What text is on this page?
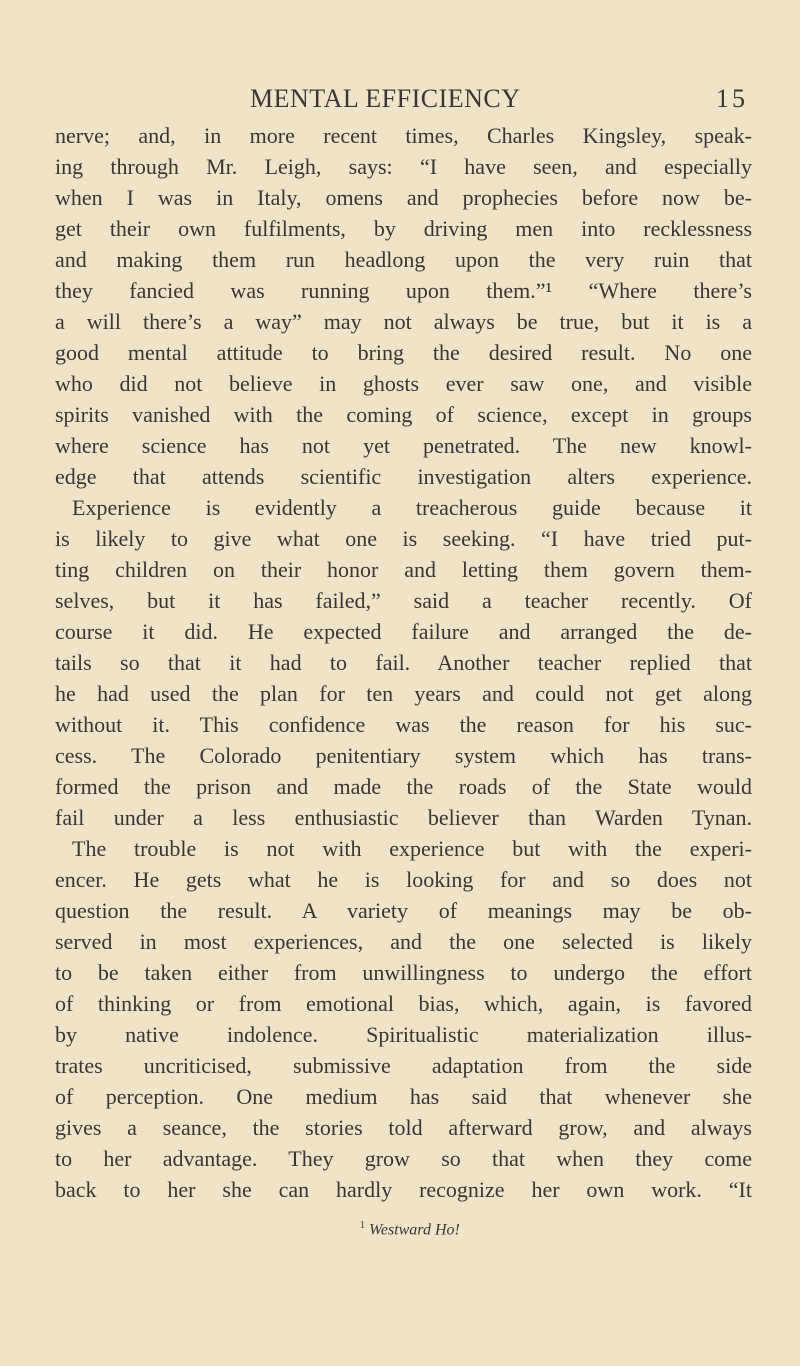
MENTAL EFFICIENCY	15
nerve; and, in more recent times, Charles Kingsley, speak-
ing through Mr. Leigh, says: “I have seen, and especially
when I was in Italy, omens and prophecies before now be-
get their own fulfilments, by driving men into recklessness
and making them run headlong upon the very ruin that
they fancied was running upon them.”¹ “Where there’s
a will there’s a way” may not always be true, but it is a
good mental attitude to bring the desired result. No one
who did not believe in ghosts ever saw one, and visible
spirits vanished with the coming of science, except in groups
where science has not yet penetrated. The new knowl-
edge that attends scientific investigation alters experience.
Experience is evidently a treacherous guide because it
is likely to give what one is seeking. “I have tried put-
ting children on their honor and letting them govern them-
selves, but it has failed,” said a teacher recently. Of
course it did. He expected failure and arranged the de-
tails so that it had to fail. Another teacher replied that
he had used the plan for ten years and could not get along
without it. This confidence was the reason for his suc-
cess. The Colorado penitentiary system which has trans-
formed the prison and made the roads of the State would
fail under a less enthusiastic believer than Warden Tynan.
The trouble is not with experience but with the experi-
encer. He gets what he is looking for and so does not
question the result. A variety of meanings may be ob-
served in most experiences, and the one selected is likely
to be taken either from unwillingness to undergo the effort
of thinking or from emotional bias, which, again, is favored
by native indolence. Spiritualistic materialization illus-
trates uncriticised, submissive adaptation from the side
of perception. One medium has said that whenever she
gives a seance, the stories told afterward grow, and always
to her advantage. They grow so that when they come
back to her she can hardly recognize her own work. “It
$^1$ Westward Ho!
